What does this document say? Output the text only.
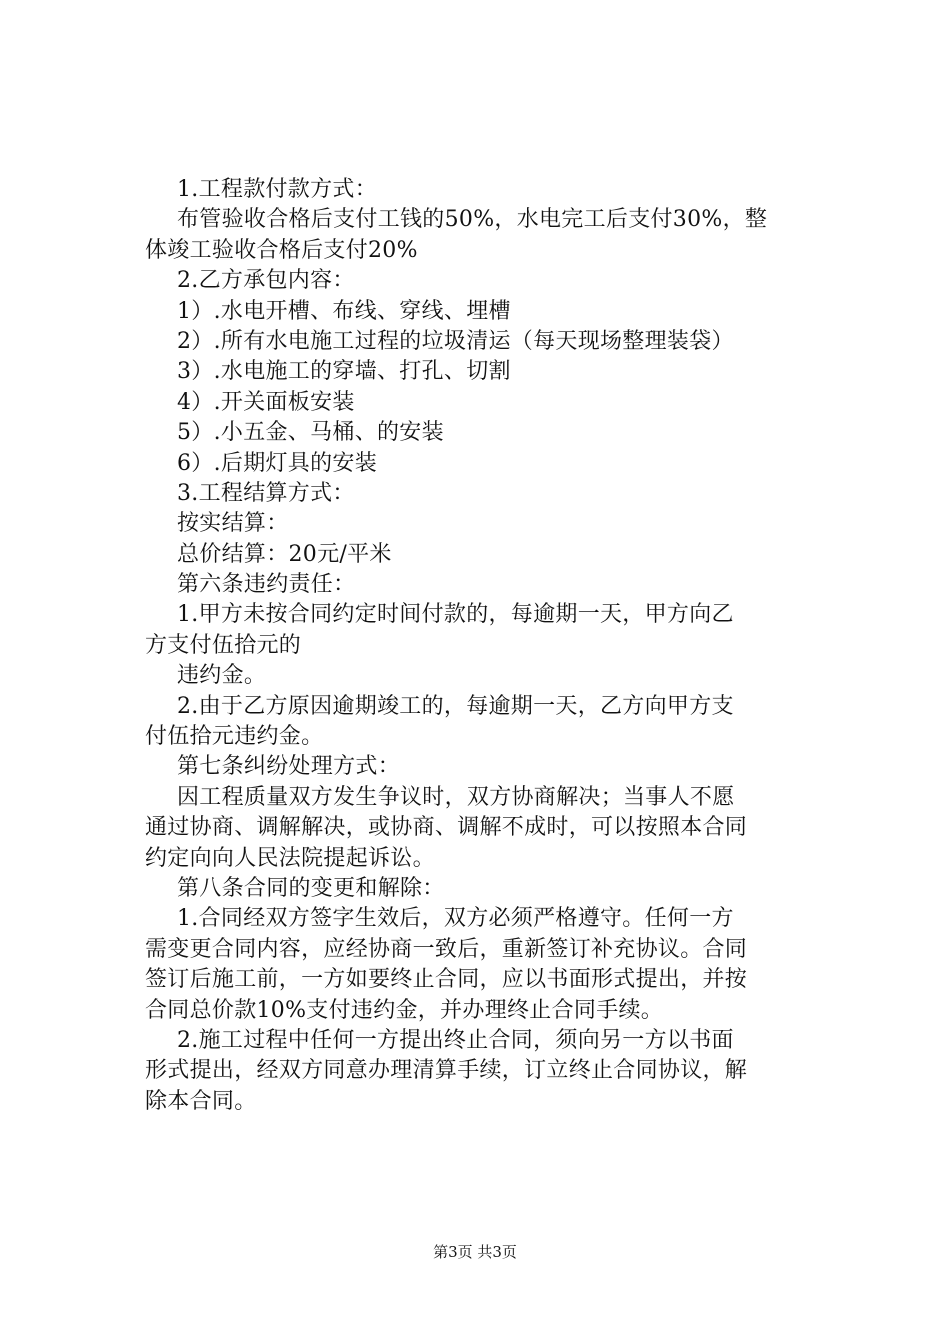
1.工程款付款方式：
布管验收合格后支付工钱的50%，水电完工后支付30%，整
体竣工验收合格后支付20%
2.乙方承包内容：
1）.水电开槽、布线、穿线、埋槽
2）.所有水电施工过程的垃圾清运（每天现场整理装袋）
3）.水电施工的穿墙、打孔、切割
4）.开关面板安装
5）.小五金、马桶、的安装
6）.后期灯具的安装
3.工程结算方式：
按实结算：
总价结算：20元/平米
第六条违约责任：
1.甲方未按合同约定时间付款的，每逾期一天，甲方向乙
方支付伍拾元的
违约金。
2.由于乙方原因逾期竣工的，每逾期一天，乙方向甲方支
付伍拾元违约金。
第七条纠纷处理方式：
因工程质量双方发生争议时，双方协商解决；当事人不愿
通过协商、调解解决，或协商、调解不成时，可以按照本合同
约定向向人民法院提起诉讼。
第八条合同的变更和解除：
1.合同经双方签字生效后，双方必须严格遵守。任何一方
需变更合同内容，应经协商一致后，重新签订补充协议。合同
签订后施工前，一方如要终止合同，应以书面形式提出，并按
合同总价款10%支付违约金，并办理终止合同手续。
2.施工过程中任何一方提出终止合同，须向另一方以书面
形式提出，经双方同意办理清算手续，订立终止合同协议，解
除本合同。
第3页 共3页
